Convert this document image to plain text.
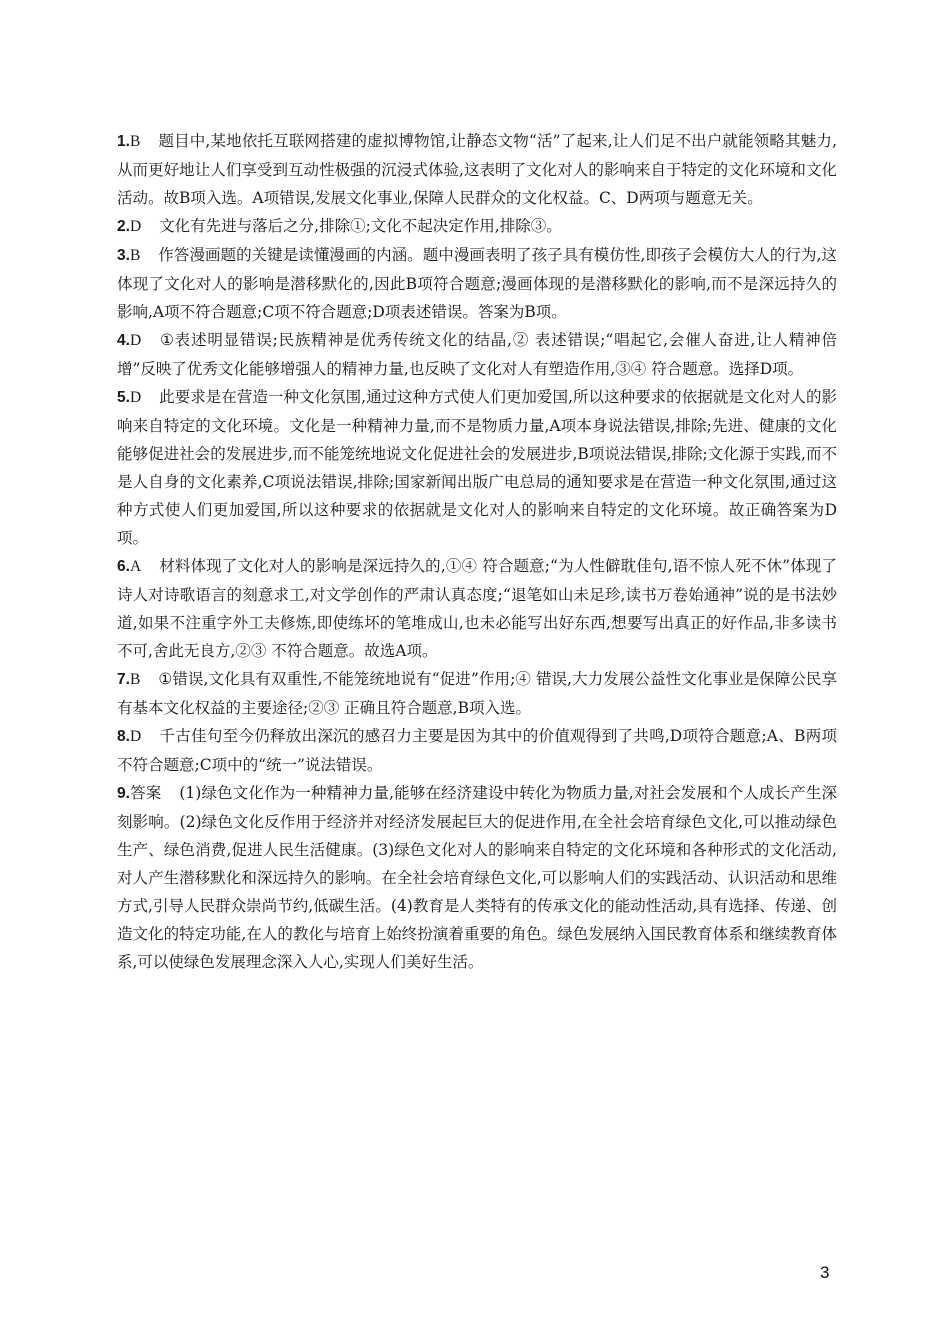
1.B 题目中,某地依托互联网搭建的虚拟博物馆,让静态文物“活”了起来,让人们足不出户就能领略其魅力,从而更好地让人们享受到互动性极强的沉浸式体验,这表明了文化对人的影响来自于特定的文化环境和文化活动。故B项入选。A项错误,发展文化事业,保障人民群众的文化权益。C、D两项与题意无关。

2.D 文化有先进与落后之分,排除①;文化不起决定作用,排除③。

3.B 作答漫画题的关键是读懂漫画的内涵。题中漫画表明了孩子具有模仿性,即孩子会模仿大人的行为,这体现了文化对人的影响是潜移默化的,因此B项符合题意;漫画体现的是潜移默化的影响,而不是深远持久的影响,A项不符合题意;C项不符合题意;D项表述错误。答案为B项。

4.D ①表述明显错误;民族精神是优秀传统文化的结晶,② 表述错误;“唱起它,会催人奋进,让人精神倍增”反映了优秀文化能够增强人的精神力量,也反映了文化对人有塑造作用,③④ 符合题意。选择D项。

5.D 此要求是在营造一种文化氛围,通过这种方式使人们更加爱国,所以这种要求的依据就是文化对人的影响来自特定的文化环境。文化是一种精神力量,而不是物质力量,A项本身说法错误,排除;先进、健康的文化能够促进社会的发展进步,而不能笼统地说文化促进社会的发展进步,B项说法错误,排除;文化源于实践,而不是人自身的文化素养,C项说法错误,排除;国家新闻出版广电总局的通知要求是在营造一种文化氛围,通过这种方式使人们更加爱国,所以这种要求的依据就是文化对人的影响来自特定的文化环境。故正确答案为D项。

6.A 材料体现了文化对人的影响是深远持久的,①④ 符合题意;“为人性僻耽佳句,语不惊人死不休”体现了诗人对诗歌语言的刻意求工,对文学创作的严肃认真态度;“退笔如山未足珍,读书万卷始通神”说的是书法妙道,如果不注重字外工夫修炼,即使练坏的笔堆成山,也未必能写出好东西,想要写出真正的好作品,非多读书不可,舍此无良方,②③ 不符合题意。故选A项。

7.B ①错误,文化具有双重性,不能笼统地说有“促进”作用;④ 错误,大力发展公益性文化事业是保障公民享有基本文化权益的主要途径;②③ 正确且符合题意,B项入选。

8.D 千古佳句至今仍释放出深沉的感召力主要是因为其中的价值观得到了共鸣,D项符合题意;A、B两项不符合题意;C项中的“统一”说法错误。

9.答案 (1)绿色文化作为一种精神力量,能够在经济建设中转化为物质力量,对社会发展和个人成长产生深刻影响。(2)绿色文化反作用于经济并对经济发展起巨大的促进作用,在全社会培育绿色文化,可以推动绿色生产、绿色消费,促进人民生活健康。(3)绿色文化对人的影响来自特定的文化环境和各种形式的文化活动,对人产生潜移默化和深远持久的影响。在全社会培育绿色文化,可以影响人们的实践活动、认识活动和思维方式,引导人民群众崇尚节约,低碳生活。(4)教育是人类特有的传承文化的能动性活动,具有选择、传递、创造文化的特定功能,在人的教化与培育上始终扮演着重要的角色。绿色发展纳入国民教育体系和继续教育体系,可以使绿色发展理念深入人心,实现人们美好生活。

3
